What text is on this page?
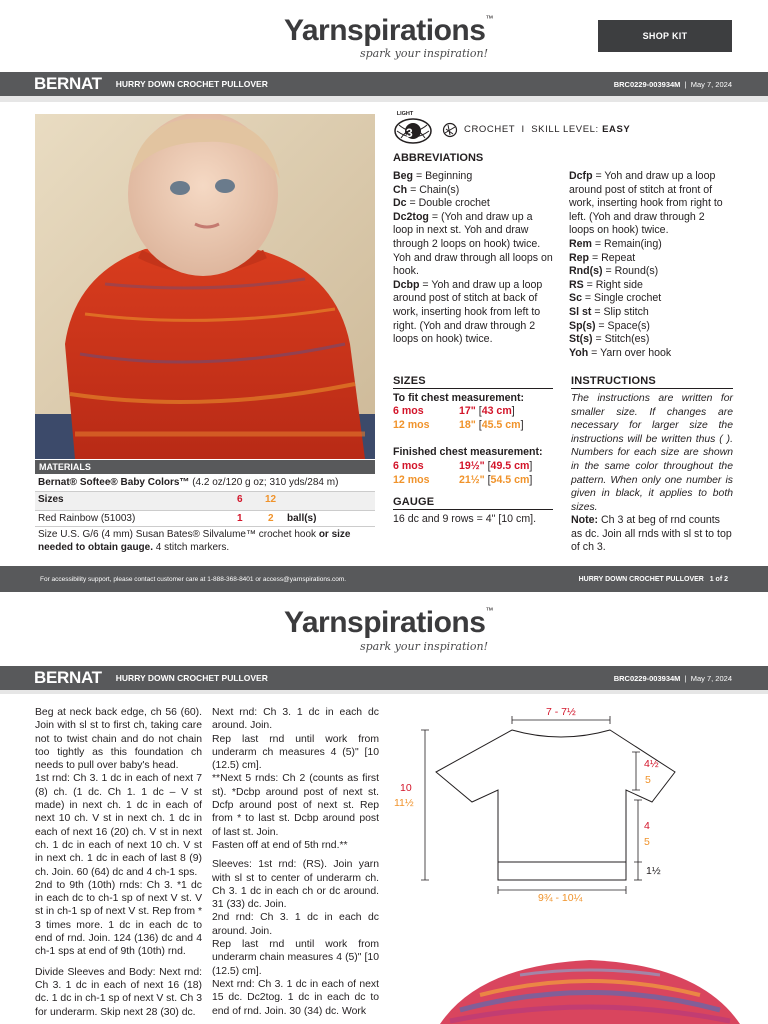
Yarnspirations™
spark your inspiration!
SHOP KIT
BERNAT HURRY DOWN CROCHET PULLOVER	BRC0229-003934M  |  May 7, 2024
MATERIALS
Bernat® Softee® Baby Colors™ (4.2 oz/120 g oz; 310 yds/284 m)
Sizes	6 12
Red Rainbow (51003)	1	2 ball(s)
Size U.S. G/6 (4 mm) Susan Bates® Silvalume™ crochet hook or size needed to obtain gauge. 4 stitch markers.
LIGHT
3	CROCHET I SKILL LEVEL: EASY
ABBREVIATIONS
Beg = Beginning
Ch = Chain(s)
Dc = Double crochet
Dc2tog = (Yoh and draw up a loop in next st. Yoh and draw through 2 loops on hook) twice. Yoh and draw through all loops on hook.
Dcbp = Yoh and draw up a loop around post of stitch at back of work, inserting hook from left to right. (Yoh and draw through 2 loops on hook) twice.
Dcfp = Yoh and draw up a loop around post of stitch at front of work, inserting hook from right to left. (Yoh and draw through 2 loops on hook) twice.
Rem = Remain(ing)
Rep = Repeat
Rnd(s) = Round(s)
RS = Right side
Sc = Single crochet
Sl st = Slip stitch
Sp(s) = Space(s)
St(s) = Stitch(es)
Yoh = Yarn over hook
SIZES
To fit chest measurement:
6 mos	17" [43 cm]
12 mos	18" [45.5 cm]
Finished chest measurement:
6 mos	19½" [49.5 cm]
12 mos	21½" [54.5 cm]
GAUGE
16 dc and 9 rows = 4" [10 cm].
INSTRUCTIONS
The instructions are written for smaller size. If changes are necessary for larger size the instructions will be written thus ( ). Numbers for each size are shown in the same color throughout the pattern. When only one number is given in black, it applies to both sizes.
Note: Ch 3 at beg of rnd counts as dc. Join all rnds with sl st to top of ch 3.
For accessibility support, please contact customer care at 1-888-368-8401 or access@yarnspirations.com.	HURRY DOWN CROCHET PULLOVER 1 of 2
Yarnspirations™
spark your inspiration!
BERNAT HURRY DOWN CROCHET PULLOVER	BRC0229-003934M  |  May 7, 2024
Beg at neck back edge, ch 56 (60). Join with sl st to first ch, taking care not to twist chain and do not chain too tightly as this foundation ch needs to pull over baby's head.
1st rnd: Ch 3. 1 dc in each of next 7 (8) ch. (1 dc. Ch 1. 1 dc – V st made) in next ch. 1 dc in each of next 10 ch. V st in next ch. 1 dc in each of next 16 (20) ch. V st in next ch. 1 dc in each of next 10 ch. V st in next ch. 1 dc in each of last 8 (9) ch. Join. 60 (64) dc and 4 ch-1 sps.
2nd to 9th (10th) rnds: Ch 3. *1 dc in each dc to ch-1 sp of next V st. V st in ch-1 sp of next V st. Rep from * 3 times more. 1 dc in each dc to end of rnd. Join. 124 (136) dc and 4 ch-1 sps at end of 9th (10th) rnd.
Divide Sleeves and Body: Next rnd: Ch 3. 1 dc in each of next 16 (18) dc. 1 dc in ch-1 sp of next V st. Ch 3 for underarm. Skip next 28 (30) dc.
Next rnd: Ch 3. 1 dc in each dc around. Join.
Rep last rnd until work from underarm ch measures 4 (5)" [10 (12.5) cm].
**Next 5 rnds: Ch 2 (counts as first st). *Dcbp around post of next st. Dcfp around post of next st. Rep from * to last st. Dcbp around post of last st. Join.
Fasten off at end of 5th rnd.**
Sleeves: 1st rnd: (RS). Join yarn with sl st to center of underarm ch. Ch 3. 1 dc in each ch or dc around. 31 (33) dc. Join.
2nd rnd: Ch 3. 1 dc in each dc around. Join.
Rep last rnd until work from underarm chain measures 4 (5)" [10 (12.5) cm].
Next rnd: Ch 3. 1 dc in each of next 15 dc. Dc2tog. 1 dc in each dc to end of rnd. Join. 30 (34) dc. Work
7 - 7½
10
11½
4½
5
4
5
1½
9¾ - 10¼
